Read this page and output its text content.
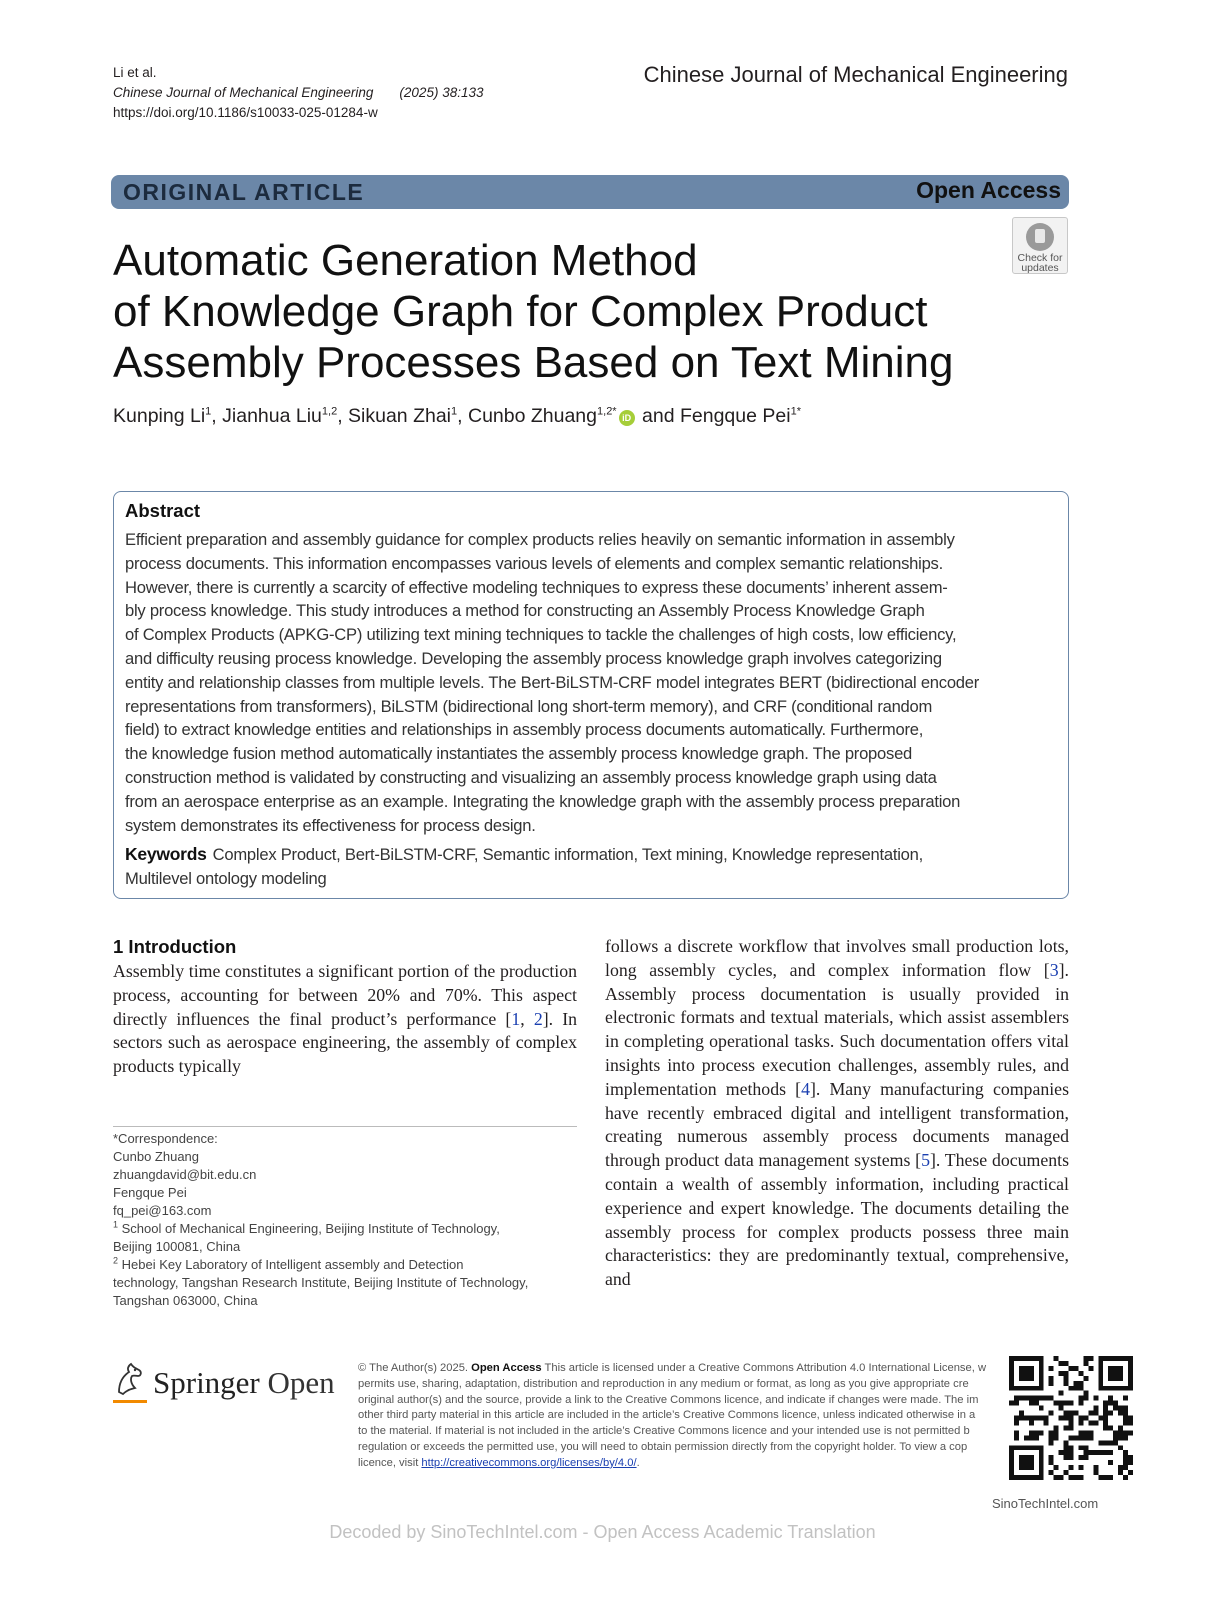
Li et al.
Chinese Journal of Mechanical Engineering (2025) 38:133
https://doi.org/10.1186/s10033-025-01284-w
Chinese Journal of Mechanical Engineering
ORIGINAL ARTICLE	Open Access
Check for
updates
Automatic Generation Method
of Knowledge Graph for Complex Product
Assembly Processes Based on Text Mining
Kunping Li$^1$, Jianhua Liu$^{1,2}$, Sikuan Zhai$^1$, Cunbo Zhuang$^{1,2*}$iD and Fengque Pei$^{1*}$
Abstract

Efficient preparation and assembly guidance for complex products relies heavily on semantic information in assembly
process documents. This information encompasses various levels of elements and complex semantic relationships.
However, there is currently a scarcity of effective modeling techniques to express these documents’ inherent assem-
bly process knowledge. This study introduces a method for constructing an Assembly Process Knowledge Graph
of Complex Products (APKG-CP) utilizing text mining techniques to tackle the challenges of high costs, low efficiency,
and difficulty reusing process knowledge. Developing the assembly process knowledge graph involves categorizing
entity and relationship classes from multiple levels. The Bert-BiLSTM-CRF model integrates BERT (bidirectional encoder
representations from transformers), BiLSTM (bidirectional long short-term memory), and CRF (conditional random
field) to extract knowledge entities and relationships in assembly process documents automatically. Furthermore,
the knowledge fusion method automatically instantiates the assembly process knowledge graph. The proposed
construction method is validated by constructing and visualizing an assembly process knowledge graph using data
from an aerospace enterprise as an example. Integrating the knowledge graph with the assembly process preparation
system demonstrates its effectiveness for process design.

Keywords Complex Product, Bert-BiLSTM-CRF, Semantic information, Text mining, Knowledge representation,
Multilevel ontology modeling
1 Introduction
Assembly time constitutes a significant portion of the production process, accounting for between 20% and 70%. This aspect directly influences the final product’s performance [1, 2]. In sectors such as aerospace engineering, the assembly of complex products typically
follows a discrete workflow that involves small production lots, long assembly cycles, and complex information flow [3]. Assembly process documentation is usually provided in electronic formats and textual materials, which assist assemblers in completing operational tasks. Such documentation offers vital insights into process execution challenges, assembly rules, and implementation methods [4]. Many manufacturing companies have recently embraced digital and intelligent transformation, creating numerous assembly process documents managed through product data management systems [5]. These documents contain a wealth of assembly information, including practical experience and expert knowledge. The documents detailing the assembly process for complex products possess three main characteristics: they are predominantly textual, comprehensive, and
*Correspondence:
Cunbo Zhuang
zhuangdavid@bit.edu.cn
Fengque Pei
fq_pei@163.com
$^1$ School of Mechanical Engineering, Beijing Institute of Technology,
Beijing 100081, China
$^2$ Hebei Key Laboratory of Intelligent assembly and Detection
technology, Tangshan Research Institute, Beijing Institute of Technology,
Tangshan 063000, China
Springer Open © The Author(s) 2025. Open Access This article is licensed under a Creative Commons Attribution 4.0 International License, w
permits use, sharing, adaptation, distribution and reproduction in any medium or format, as long as you give appropriate cre
original author(s) and the source, provide a link to the Creative Commons licence, and indicate if changes were made. The im
other third party material in this article are included in the article’s Creative Commons licence, unless indicated otherwise in a
to the material. If material is not included in the article’s Creative Commons licence and your intended use is not permitted b
regulation or exceeds the permitted use, you will need to obtain permission directly from the copyright holder. To view a cop
licence, visit http://creativecommons.org/licenses/by/4.0/.
SinoTechIntel.com
Decoded by SinoTechIntel.com - Open Access Academic Translation
